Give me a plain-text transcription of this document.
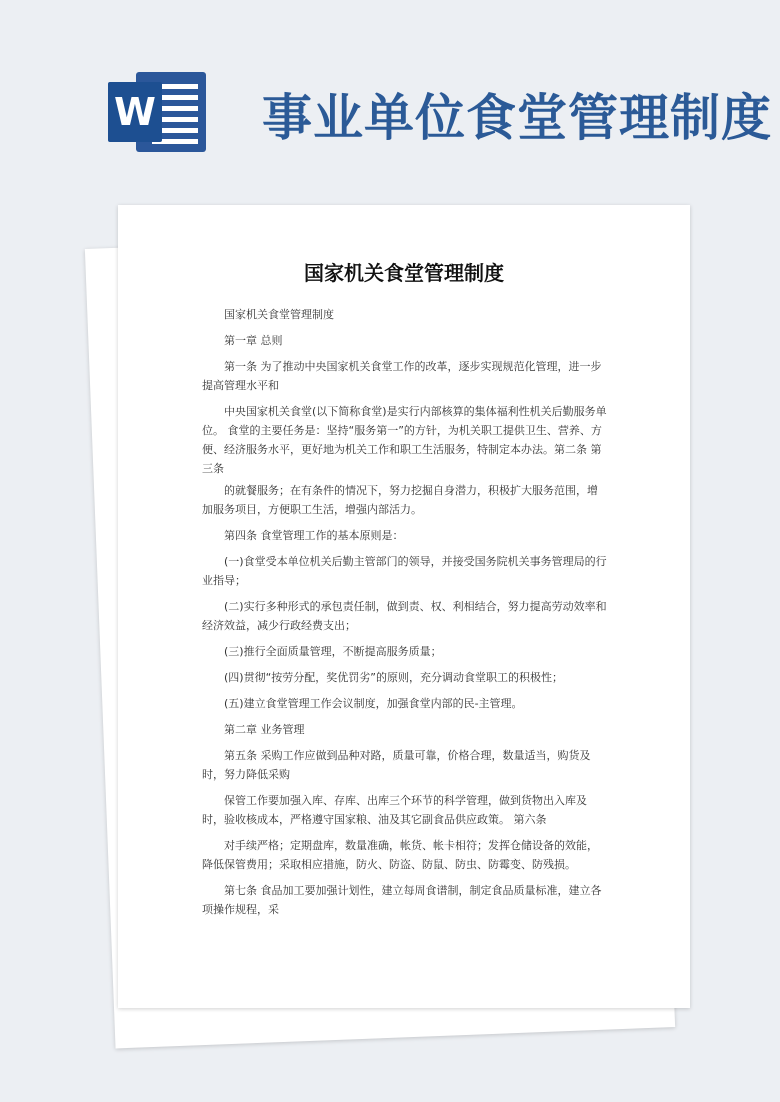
W 事业单位食堂管理制度
国家机关食堂管理制度

国家机关食堂管理制度

第一章 总则

第一条 为了推动中央国家机关食堂工作的改革，逐步实现规范化管理，进一步提高管理水平和

中央国家机关食堂(以下简称食堂)是实行内部核算的集体福利性机关后勤服务单位。 食堂的主要任务是：坚持“服务第一”的方针，为机关职工提供卫生、营养、方便、经济服务水平，更好地为机关工作和职工生活服务，特制定本办法。第二条 第三条

的就餐服务；在有条件的情况下，努力挖掘自身潜力，积极扩大服务范围，增加服务项目，方便职工生活，增强内部活力。

第四条 食堂管理工作的基本原则是：

(一)食堂受本单位机关后勤主管部门的领导，并接受国务院机关事务管理局的行业指导；

(二)实行多种形式的承包责任制，做到责、权、利相结合，努力提高劳动效率和经济效益，减少行政经费支出；

(三)推行全面质量管理，不断提高服务质量；

(四)贯彻“按劳分配，奖优罚劣”的原则，充分调动食堂职工的积极性；

(五)建立食堂管理工作会议制度，加强食堂内部的民-主管理。

第二章 业务管理

第五条 采购工作应做到品种对路，质量可靠，价格合理，数量适当，购货及时，努力降低采购

保管工作要加强入库、存库、出库三个环节的科学管理，做到货物出入库及时，验收核成本，严格遵守国家粮、油及其它副食品供应政策。 第六条

对手续严格；定期盘库，数量准确，帐货、帐卡相符；发挥仓储设备的效能，降低保管费用；采取相应措施，防火、防盗、防鼠、防虫、防霉变、防残损。

第七条 食品加工要加强计划性，建立每周食谱制，制定食品质量标准，建立各项操作规程，采
